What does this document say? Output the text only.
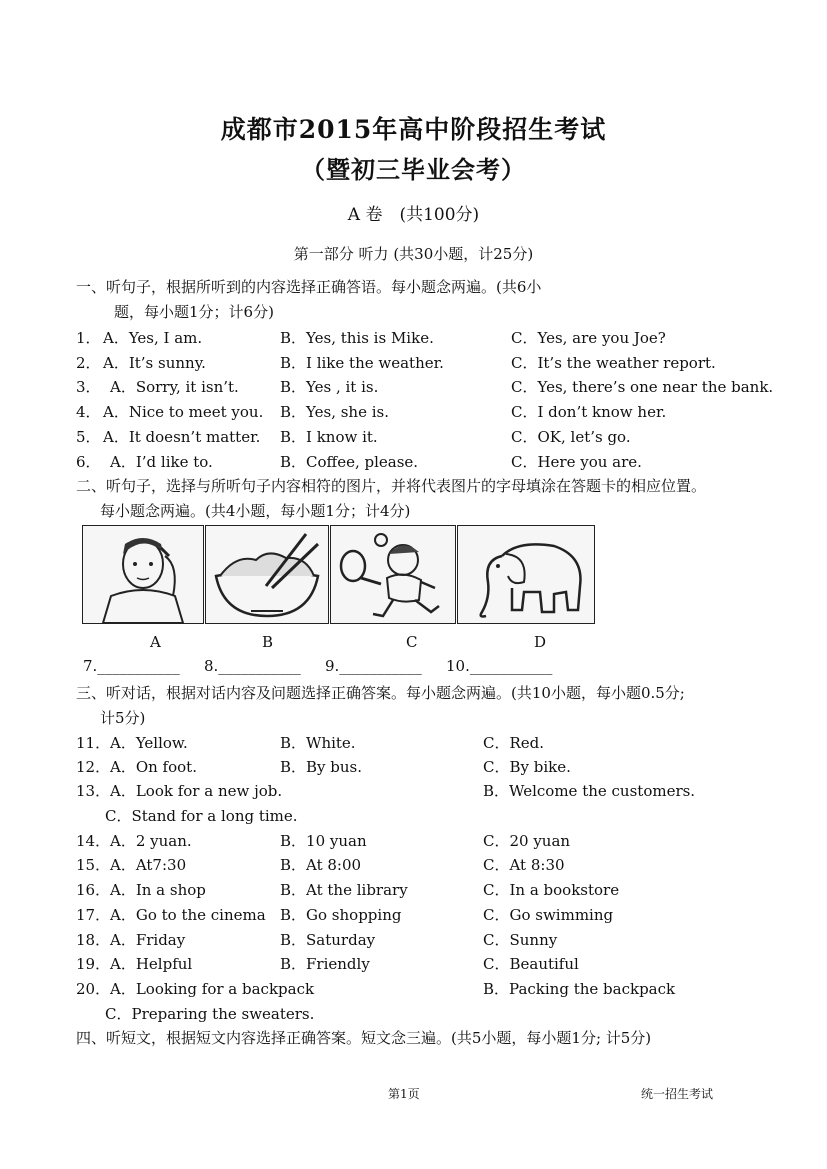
成都市2015年高中阶段招生考试
（暨初三毕业会考）
A 卷　(共100分)
第一部分 听力 (共30小题，计25分)
一、听句子，根据所听到的内容选择正确答语。每小题念两遍。(共6小
题，每小题1分；计6分)
1． A．Yes, I am.	B．Yes, this is Mike.	C．Yes, are you Joe?
2． A．It’s sunny.	B．I like the weather.	C．It’s the weather report.
3． A．Sorry, it isn’t.	B．Yes , it is.	C．Yes, there’s one near the bank.
4． A．Nice to meet you. B．Yes, she is.	C．I don’t know her.
5． A．It doesn’t matter. B．I know it.	C．OK, let’s go.
6． A．I’d like to.	B．Coffee, please.	C．Here you are.
二、听句子，选择与所听句子内容相符的图片，并将代表图片的字母填涂在答题卡的相应位置。
每小题念两遍。(共4小题，每小题1分；计4分)
A	B	C	D
7.___________ 8.___________ 9.___________ 10.___________
三、听对话，根据对话内容及问题选择正确答案。每小题念两遍。(共10小题，每小题0.5分;
计5分)
11． A．Yellow.	B．White.	C．Red.
12． A．On foot.	B．By bus.	C．By bike.
13． A．Look for a new job.	B．Welcome the customers.
C．Stand for a long time.
14． A．2 yuan.	B．10 yuan	C．20 yuan
15． A．At7:30	B．At 8:00	C．At 8:30
16． A．In a shop	B．At the library	C．In a bookstore
17． A．Go to the cinema B．Go shopping	C．Go swimming
18． A．Friday	B．Saturday	C．Sunny
19． A．Helpful	B．Friendly	C．Beautiful
20． A．Looking for a backpack	B．Packing the backpack
C．Preparing the sweaters.
四、听短文，根据短文内容选择正确答案。短文念三遍。(共5小题，每小题1分; 计5分)
第1页	统一招生考试
